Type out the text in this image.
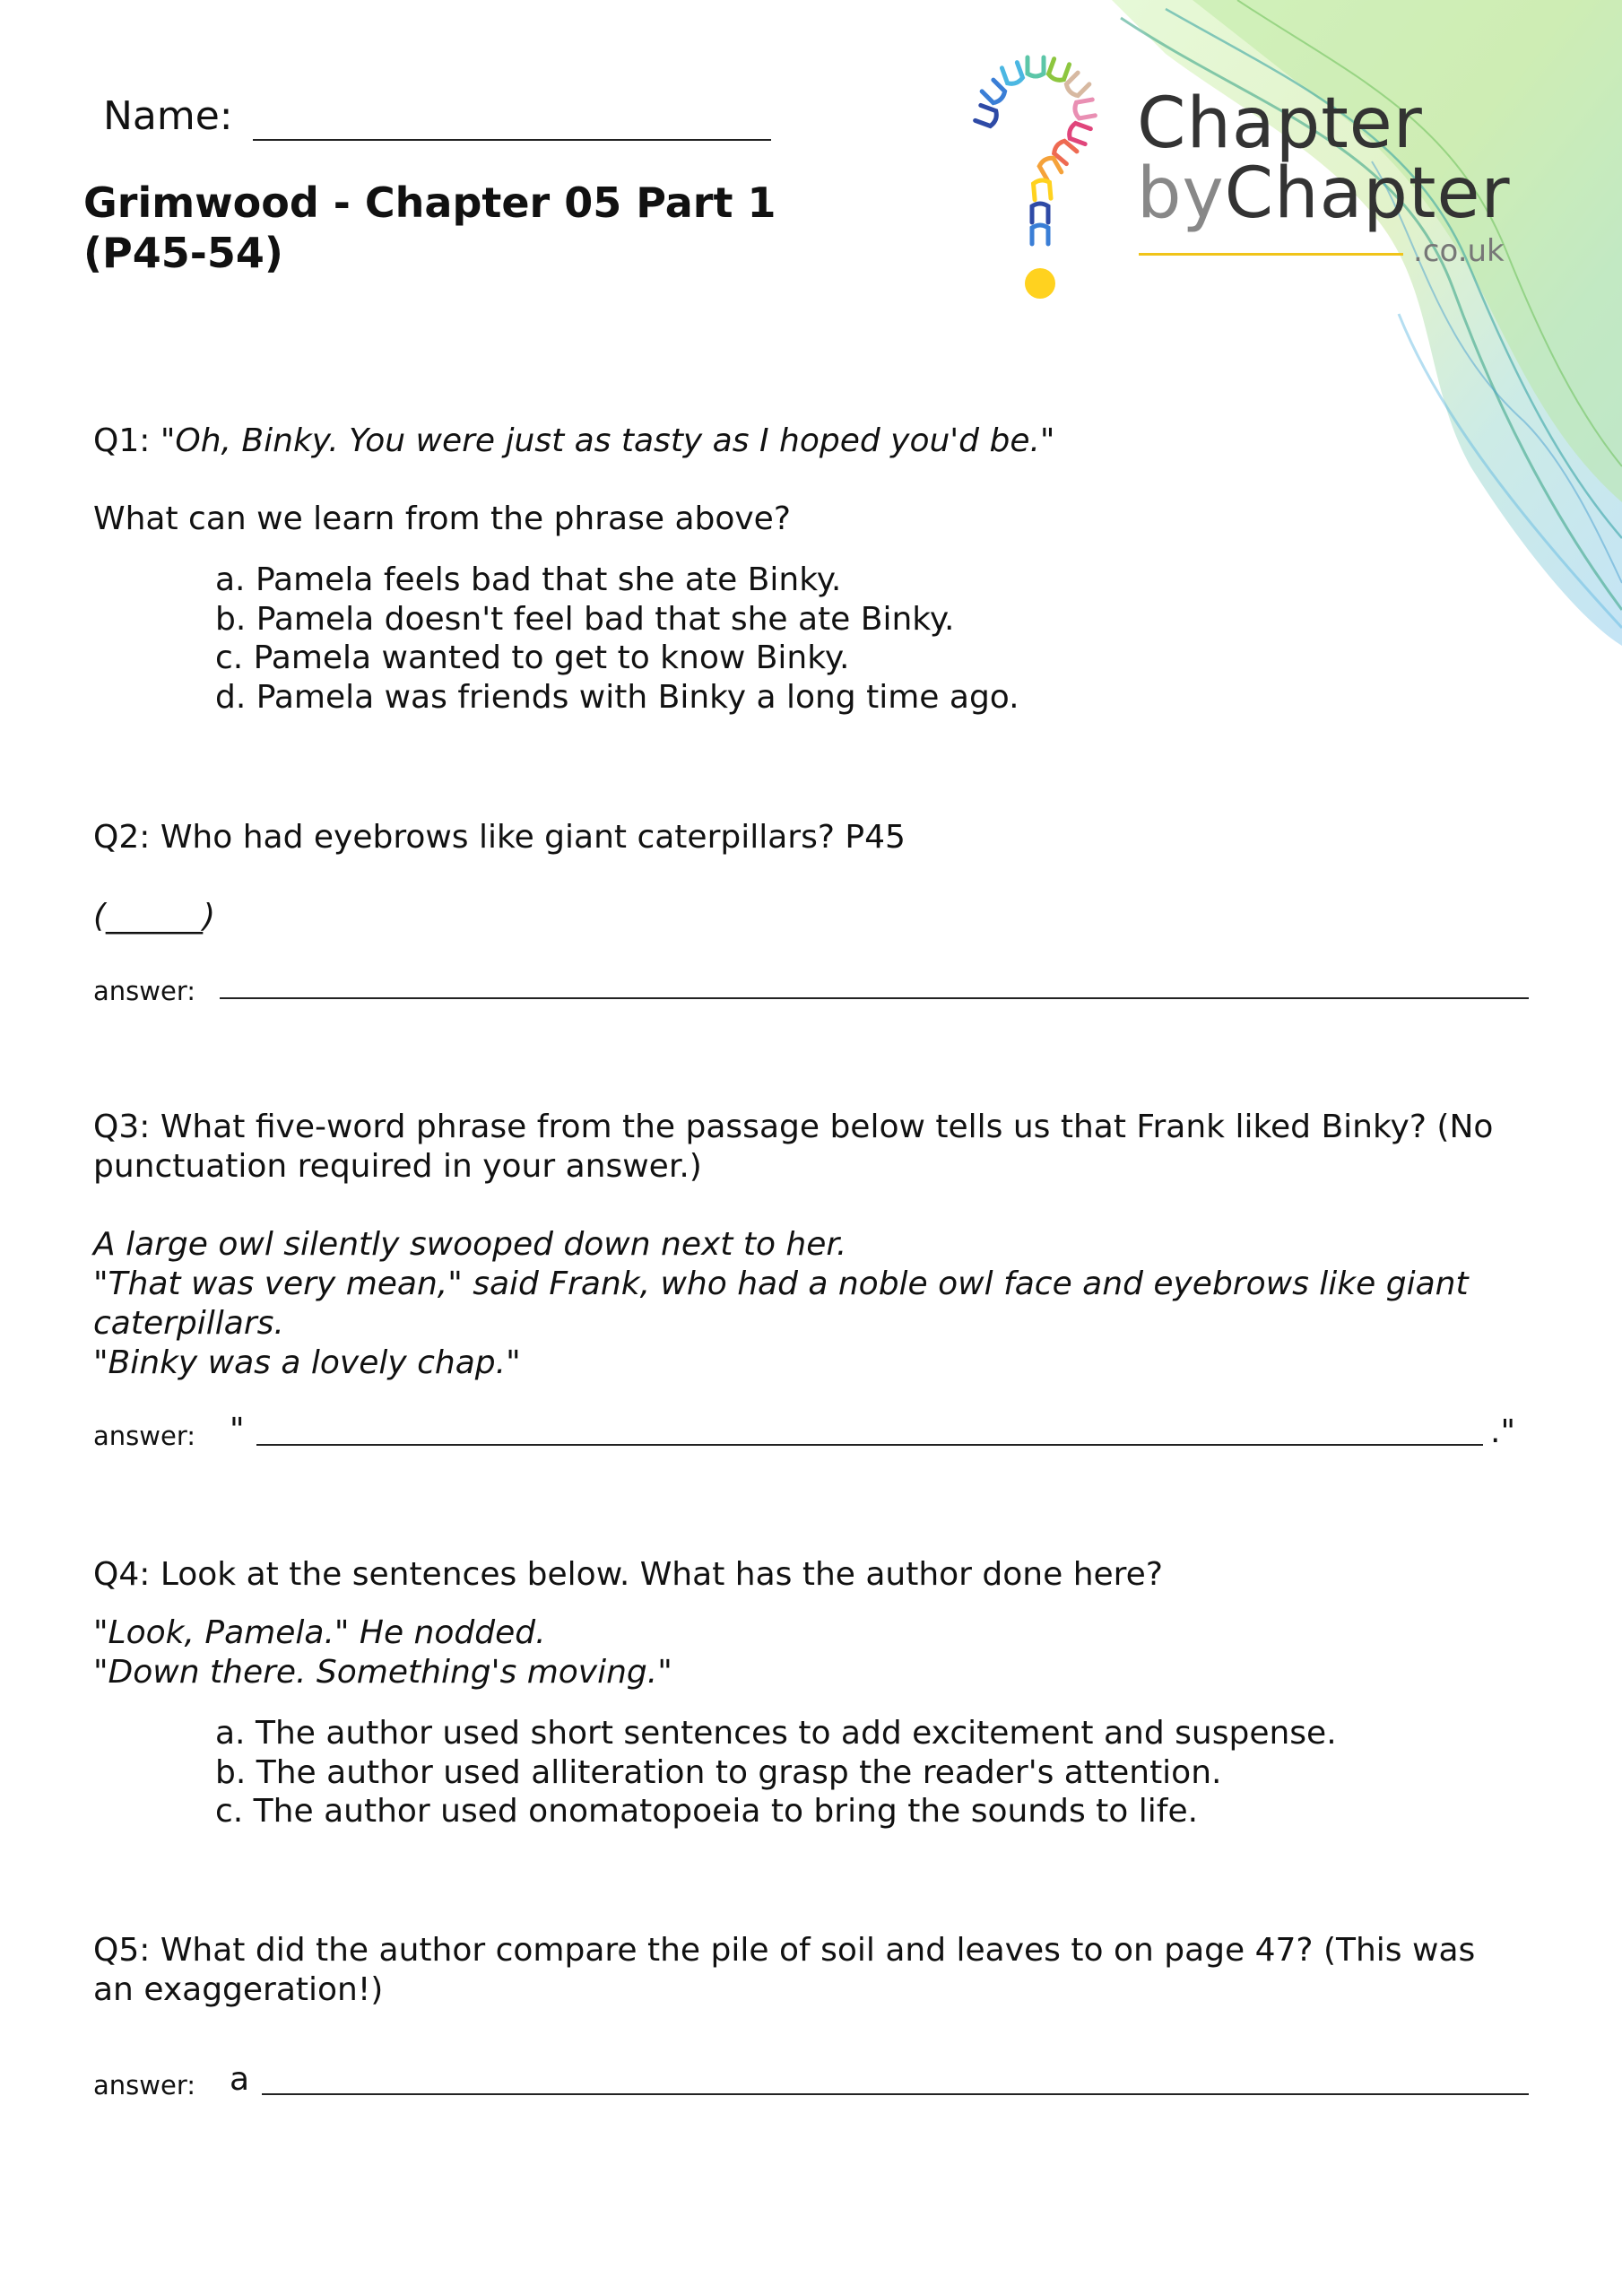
Chapter
byChapter
.co.uk
Name:
Grimwood - Chapter 05 Part 1
(P45-54)
Q1: "Oh, Binky. You were just as tasty as I hoped you'd be."
What can we learn from the phrase above?
a. Pamela feels bad that she ate Binky.
b. Pamela doesn't feel bad that she ate Binky.
c. Pamela wanted to get to know Binky.
d. Pamela was friends with Binky a long time ago.
Q2: Who had eyebrows like giant caterpillars? P45
(______)
answer:
Q3: What five-word phrase from the passage below tells us that Frank liked Binky? (No
punctuation required in your answer.)
A large owl silently swooped down next to her.
"That was very mean," said Frank, who had a noble owl face and eyebrows like giant
caterpillars.
"Binky was a lovely chap."
answer: "	."
Q4: Look at the sentences below. What has the author done here?
"Look, Pamela." He nodded.
"Down there. Something's moving."
a. The author used short sentences to add excitement and suspense.
b. The author used alliteration to grasp the reader's attention.
c. The author used onomatopoeia to bring the sounds to life.
Q5: What did the author compare the pile of soil and leaves to on page 47? (This was
an exaggeration!)
answer: a
